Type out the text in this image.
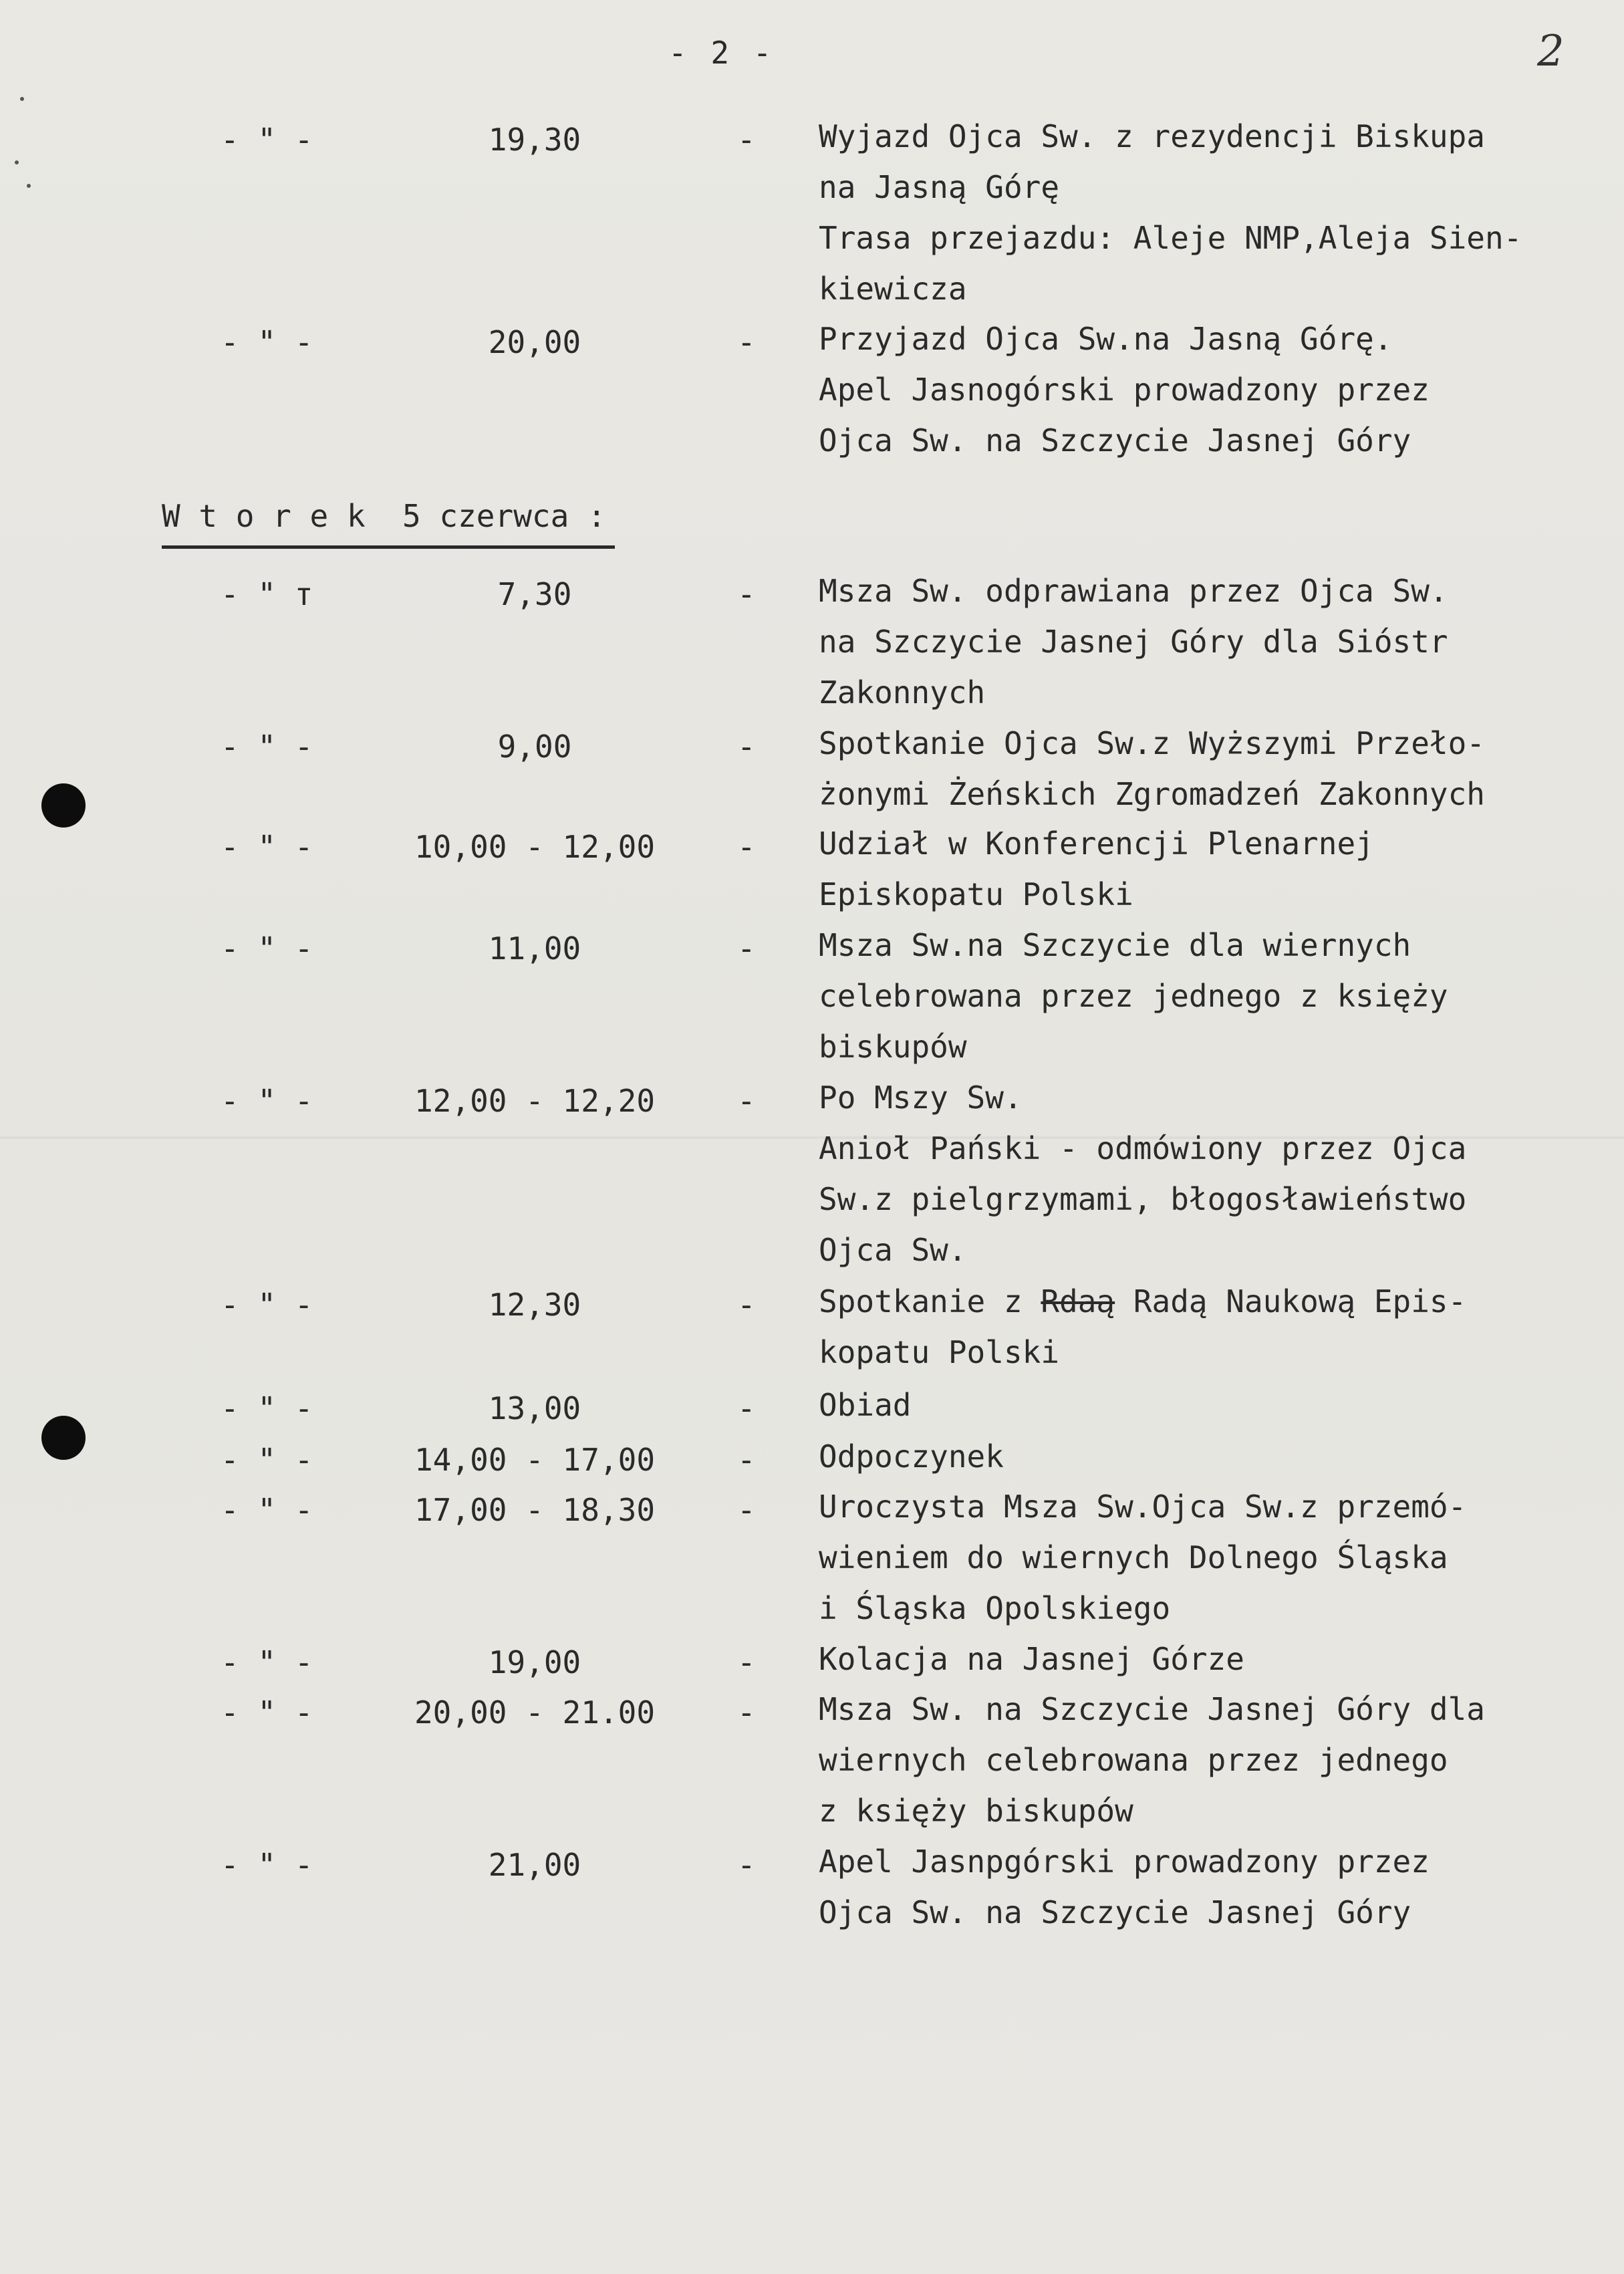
- 2 -	2
W t o r e k  5 czerwca :
- " -	19,30	- Wyjazd Ojca Sw. z rezydencji Biskupa
na Jasną Górę
Trasa przejazdu: Aleje NMP,Aleja Sien-
kiewicza
- " -	20,00	- Przyjazd Ojca Sw.na Jasną Górę.
Apel Jasnogórski prowadzony przez
Ojca Sw. na Szczycie Jasnej Góry
- " т	7,30	- Msza Sw. odprawiana przez Ojca Sw.
na Szczycie Jasnej Góry dla Sióstr
Zakonnych
- " -	9,00	- Spotkanie Ojca Sw.z Wyższymi Przeło-
żonymi Żeńskich Zgromadzeń Zakonnych
- " -	10,00 - 12,00	- Udział w Konferencji Plenarnej
Episkopatu Polski
- " -	11,00	- Msza Sw.na Szczycie dla wiernych
celebrowana przez jednego z księży
biskupów
- " -	12,00 - 12,20	- Po Mszy Sw.
Anioł Pański - odmówiony przez Ojca
Sw.z pielgrzymami, błogosławieństwo
Ojca Sw.
- " -	12,30	- Spotkanie z Rdaą Radą Naukową Epis-
kopatu Polski
- " -	13,00	- Obiad
- " -	14,00 - 17,00	- Odpoczynek
- " -	17,00 - 18,30	- Uroczysta Msza Sw.Ojca Sw.z przemó-
wieniem do wiernych Dolnego Śląska
i Śląska Opolskiego
- " -	19,00	- Kolacja na Jasnej Górze
- " -	20,00 - 21.00	- Msza Sw. na Szczycie Jasnej Góry dla
wiernych celebrowana przez jednego
z księży biskupów
- " -	21,00	- Apel Jasnpgórski prowadzony przez
Ojca Sw. na Szczycie Jasnej Góry
